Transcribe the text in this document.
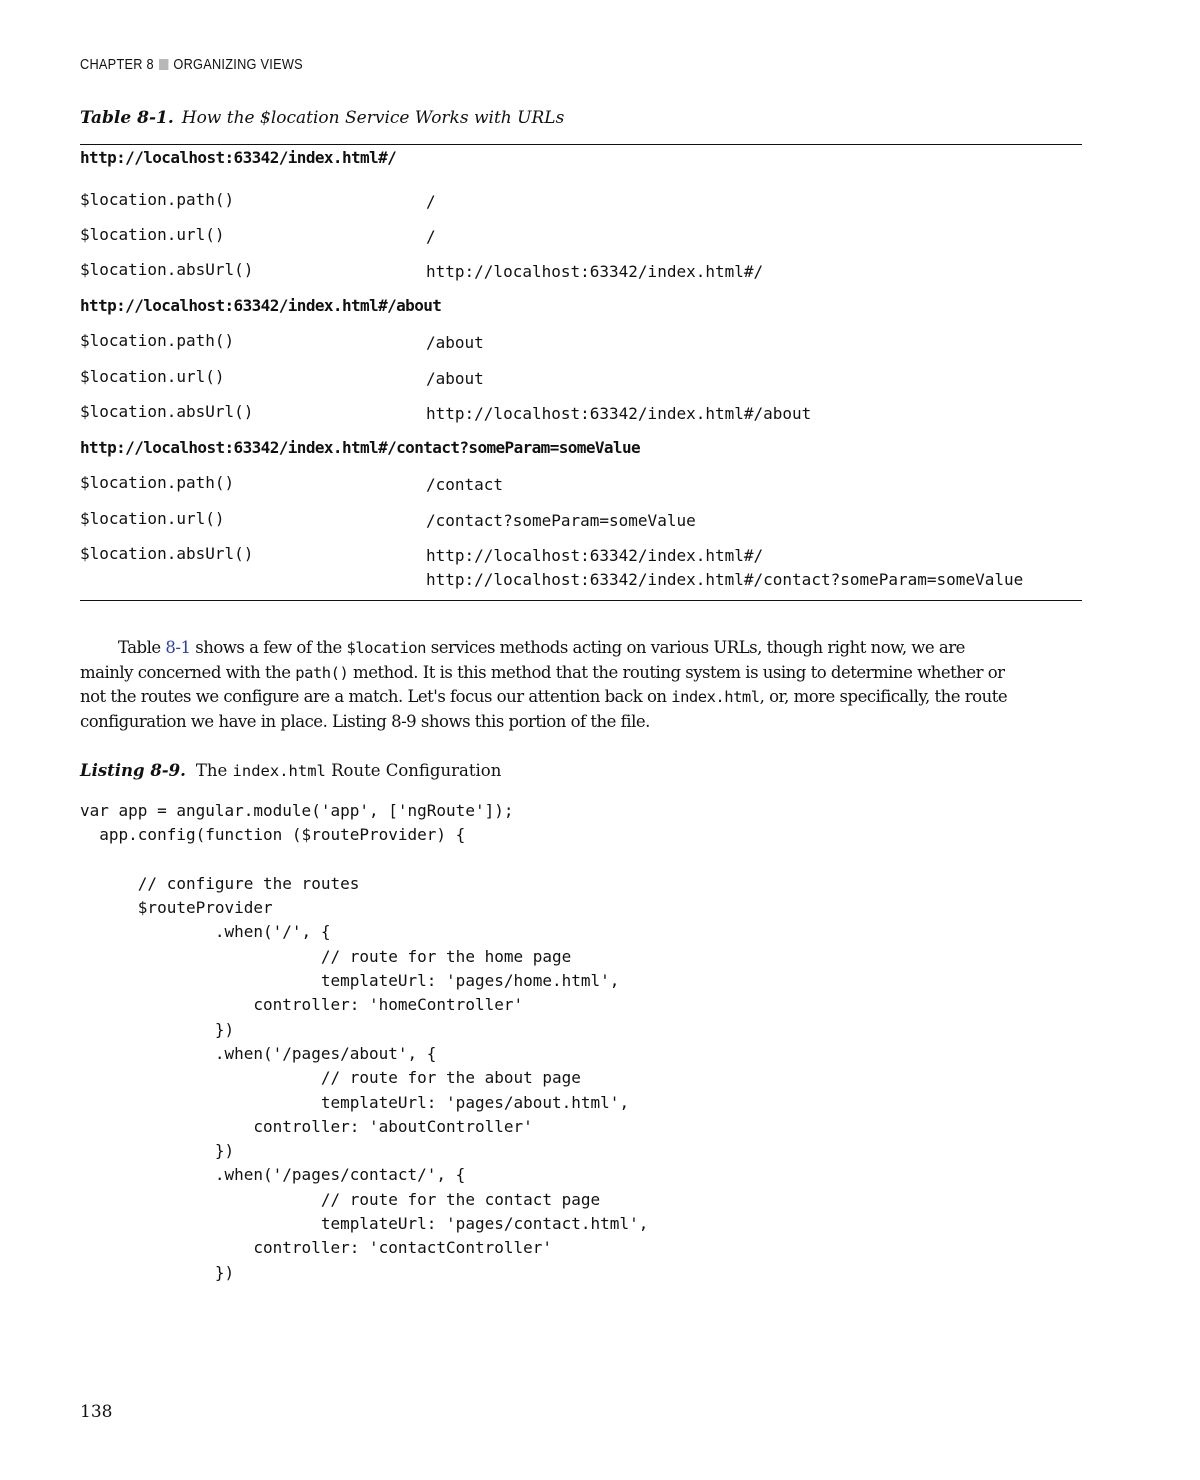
CHAPTER 8 ORGANIZING VIEWS
Table 8-1. How the $location Service Works with URLs
http://localhost:63342/index.html#/
$location.path()	/
$location.url()	/
$location.absUrl()	http://localhost:63342/index.html#/
http://localhost:63342/index.html#/about
$location.path()	/about
$location.url()	/about
$location.absUrl()	http://localhost:63342/index.html#/about
http://localhost:63342/index.html#/contact?someParam=someValue
$location.path()	/contact
$location.url()	/contact?someParam=someValue
$location.absUrl()	http://localhost:63342/index.html#/
http://localhost:63342/index.html#/contact?someParam=someValue
Table 8-1 shows a few of the $location services methods acting on various URLs, though right now, we are
mainly concerned with the path() method. It is this method that the routing system is using to determine whether or
not the routes we configure are a match. Let's focus our attention back on index.html, or, more specifically, the route
configuration we have in place. Listing 8-9 shows this portion of the file.
Listing 8-9. The index.html Route Configuration
var app = angular.module('app', ['ngRoute']);
app.config(function ($routeProvider) {
// configure the routes
$routeProvider
.when('/', {
// route for the home page
templateUrl: 'pages/home.html',
controller: 'homeController'
})
.when('/pages/about', {
// route for the about page
templateUrl: 'pages/about.html',
controller: 'aboutController'
})
.when('/pages/contact/', {
// route for the contact page
templateUrl: 'pages/contact.html',
controller: 'contactController'
})
138
